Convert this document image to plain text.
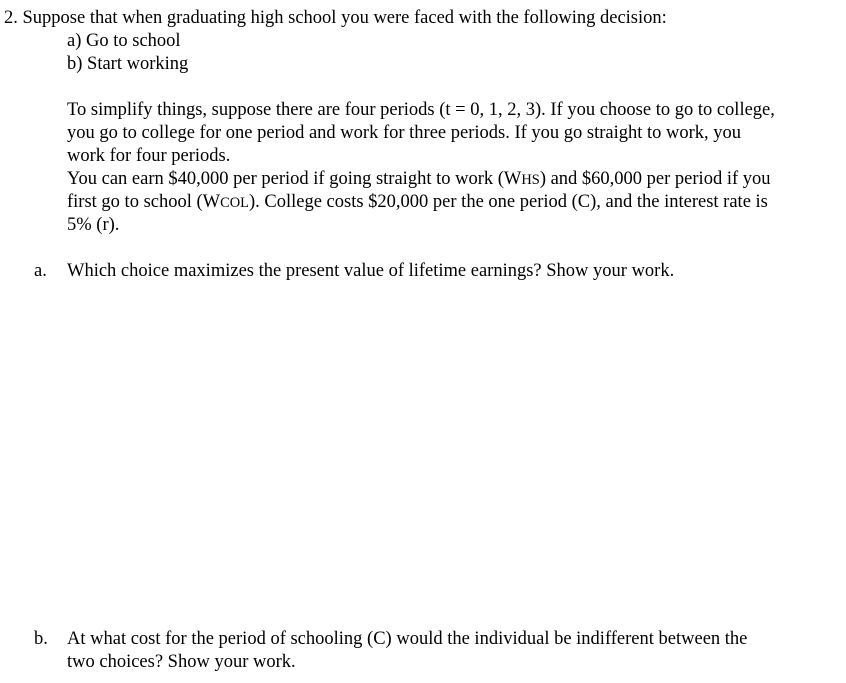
2. Suppose that when graduating high school you were faced with the following decision:
a) Go to school
b) Start working
To simplify things, suppose there are four periods (t = 0, 1, 2, 3). If you choose to go to college,
you go to college for one period and work for three periods. If you go straight to work, you
work for four periods.
You can earn $40,000 per period if going straight to work (WHS) and $60,000 per period if you
first go to school (WCOL). College costs $20,000 per the one period (C), and the interest rate is
5% (r).
a. Which choice maximizes the present value of lifetime earnings? Show your work.
b. At what cost for the period of schooling (C) would the individual be indifferent between the
two choices? Show your work.
